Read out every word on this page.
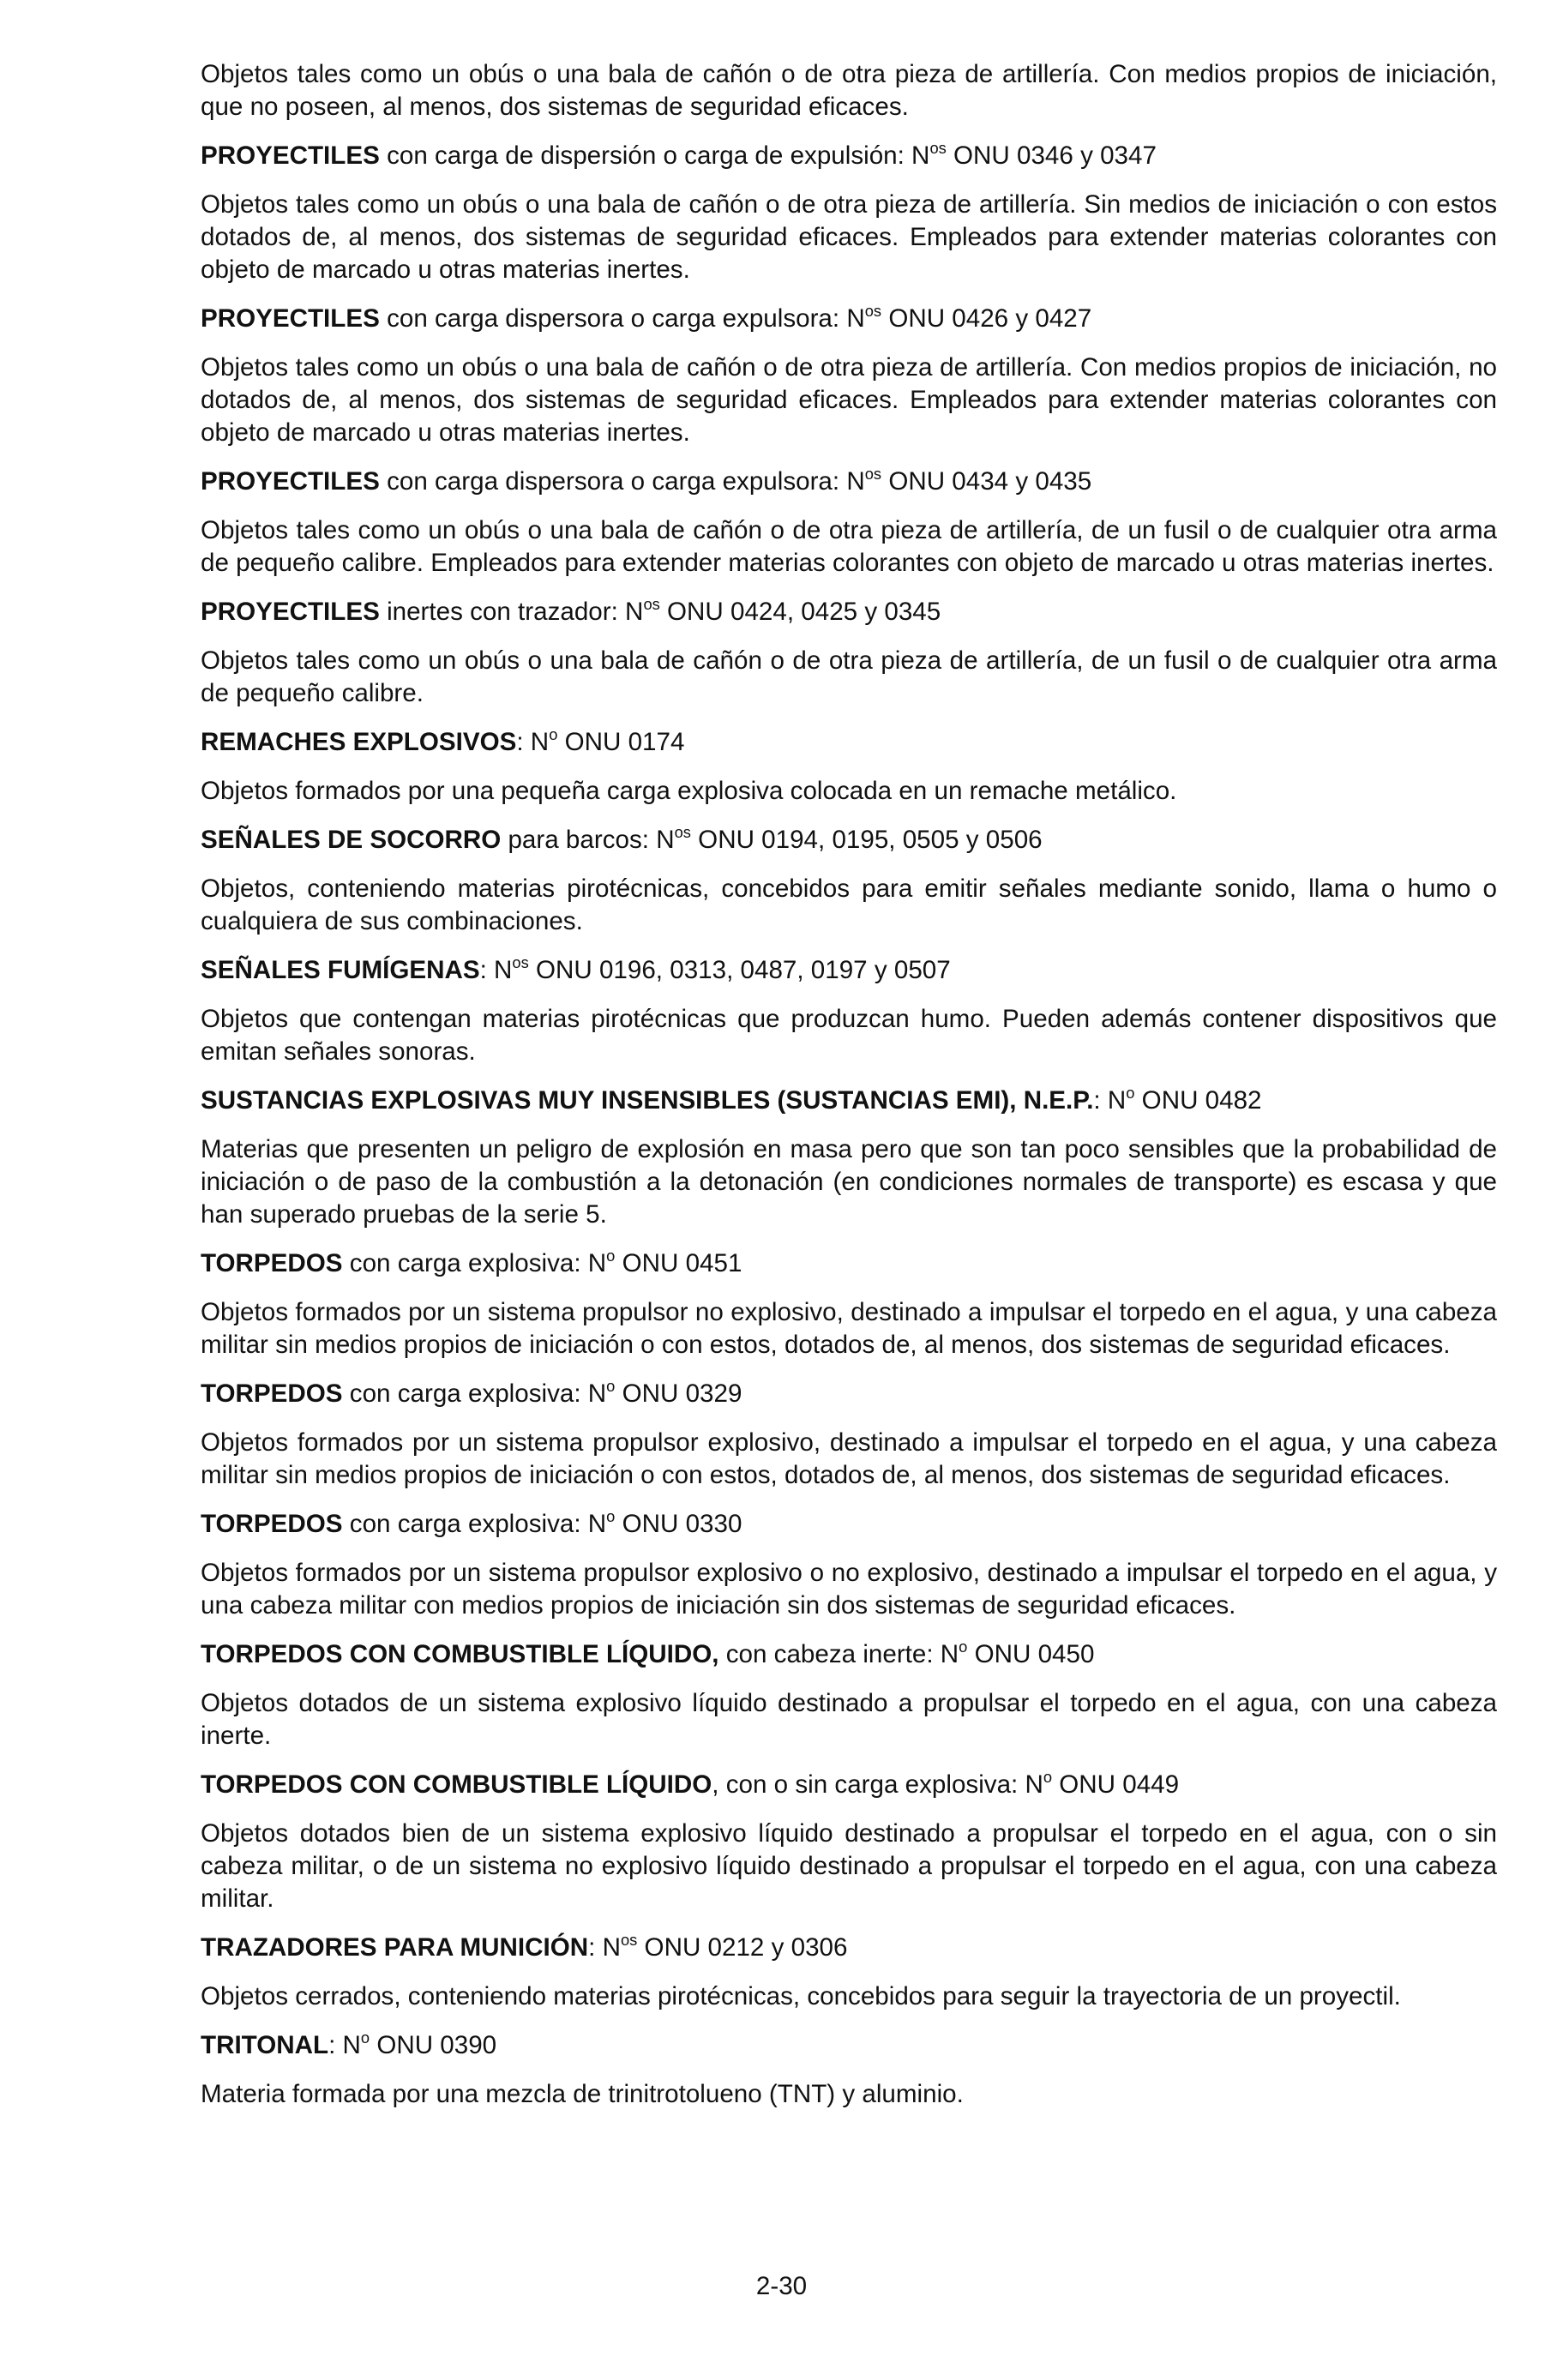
Objetos tales como un obús o una bala de cañón o de otra pieza de artillería. Con medios propios de iniciación, que no poseen, al menos, dos sistemas de seguridad eficaces.

PROYECTILES con carga de dispersión o carga de expulsión: $N^{os}$ ONU 0346 y 0347

Objetos tales como un obús o una bala de cañón o de otra pieza de artillería. Sin medios de iniciación o con estos dotados de, al menos, dos sistemas de seguridad eficaces. Empleados para extender materias colorantes con objeto de marcado u otras materias inertes.

PROYECTILES con carga dispersora o carga expulsora: $N^{os}$ ONU 0426 y 0427

Objetos tales como un obús o una bala de cañón o de otra pieza de artillería. Con medios propios de iniciación, no dotados de, al menos, dos sistemas de seguridad eficaces. Empleados para extender materias colorantes con objeto de marcado u otras materias inertes.

PROYECTILES con carga dispersora o carga expulsora: $N^{os}$ ONU 0434 y 0435

Objetos tales como un obús o una bala de cañón o de otra pieza de artillería, de un fusil o de cualquier otra arma de pequeño calibre. Empleados para extender materias colorantes con objeto de marcado u otras materias inertes.

PROYECTILES inertes con trazador: $N^{os}$ ONU 0424, 0425 y 0345

Objetos tales como un obús o una bala de cañón o de otra pieza de artillería, de un fusil o de cualquier otra arma de pequeño calibre.

REMACHES EXPLOSIVOS: $N^o$ ONU 0174

Objetos formados por una pequeña carga explosiva colocada en un remache metálico.

SEÑALES DE SOCORRO para barcos: $N^{os}$ ONU 0194, 0195, 0505 y 0506

Objetos, conteniendo materias pirotécnicas, concebidos para emitir señales mediante sonido, llama o humo o cualquiera de sus combinaciones.

SEÑALES FUMÍGENAS: $N^{os}$ ONU 0196, 0313, 0487, 0197 y 0507

Objetos que contengan materias pirotécnicas que produzcan humo. Pueden además contener dispositivos que emitan señales sonoras.

SUSTANCIAS EXPLOSIVAS MUY INSENSIBLES (SUSTANCIAS EMI), N.E.P.: $N^o$ ONU 0482

Materias que presenten un peligro de explosión en masa pero que son tan poco sensibles que la probabilidad de iniciación o de paso de la combustión a la detonación (en condiciones normales de transporte) es escasa y que han superado pruebas de la serie 5.

TORPEDOS con carga explosiva: $N^o$ ONU 0451

Objetos formados por un sistema propulsor no explosivo, destinado a impulsar el torpedo en el agua, y una cabeza militar sin medios propios de iniciación o con estos, dotados de, al menos, dos sistemas de seguridad eficaces.

TORPEDOS con carga explosiva: $N^o$ ONU 0329

Objetos formados por un sistema propulsor explosivo, destinado a impulsar el torpedo en el agua, y una cabeza militar sin medios propios de iniciación o con estos, dotados de, al menos, dos sistemas de seguridad eficaces.

TORPEDOS con carga explosiva: $N^o$ ONU 0330

Objetos formados por un sistema propulsor explosivo o no explosivo, destinado a impulsar el torpedo en el agua, y una cabeza militar con medios propios de iniciación sin dos sistemas de seguridad eficaces.

TORPEDOS CON COMBUSTIBLE LÍQUIDO, con cabeza inerte: $N^o$ ONU 0450

Objetos dotados de un sistema explosivo líquido destinado a propulsar el torpedo en el agua, con una cabeza inerte.

TORPEDOS CON COMBUSTIBLE LÍQUIDO, con o sin carga explosiva: $N^o$ ONU 0449

Objetos dotados bien de un sistema explosivo líquido destinado a propulsar el torpedo en el agua, con o sin cabeza militar, o de un sistema no explosivo líquido destinado a propulsar el torpedo en el agua, con una cabeza militar.

TRAZADORES PARA MUNICIÓN: $N^{os}$ ONU 0212 y 0306

Objetos cerrados, conteniendo materias pirotécnicas, concebidos para seguir la trayectoria de un proyectil.

TRITONAL: $N^o$ ONU 0390

Materia formada por una mezcla de trinitrotolueno (TNT) y aluminio.

2-30
